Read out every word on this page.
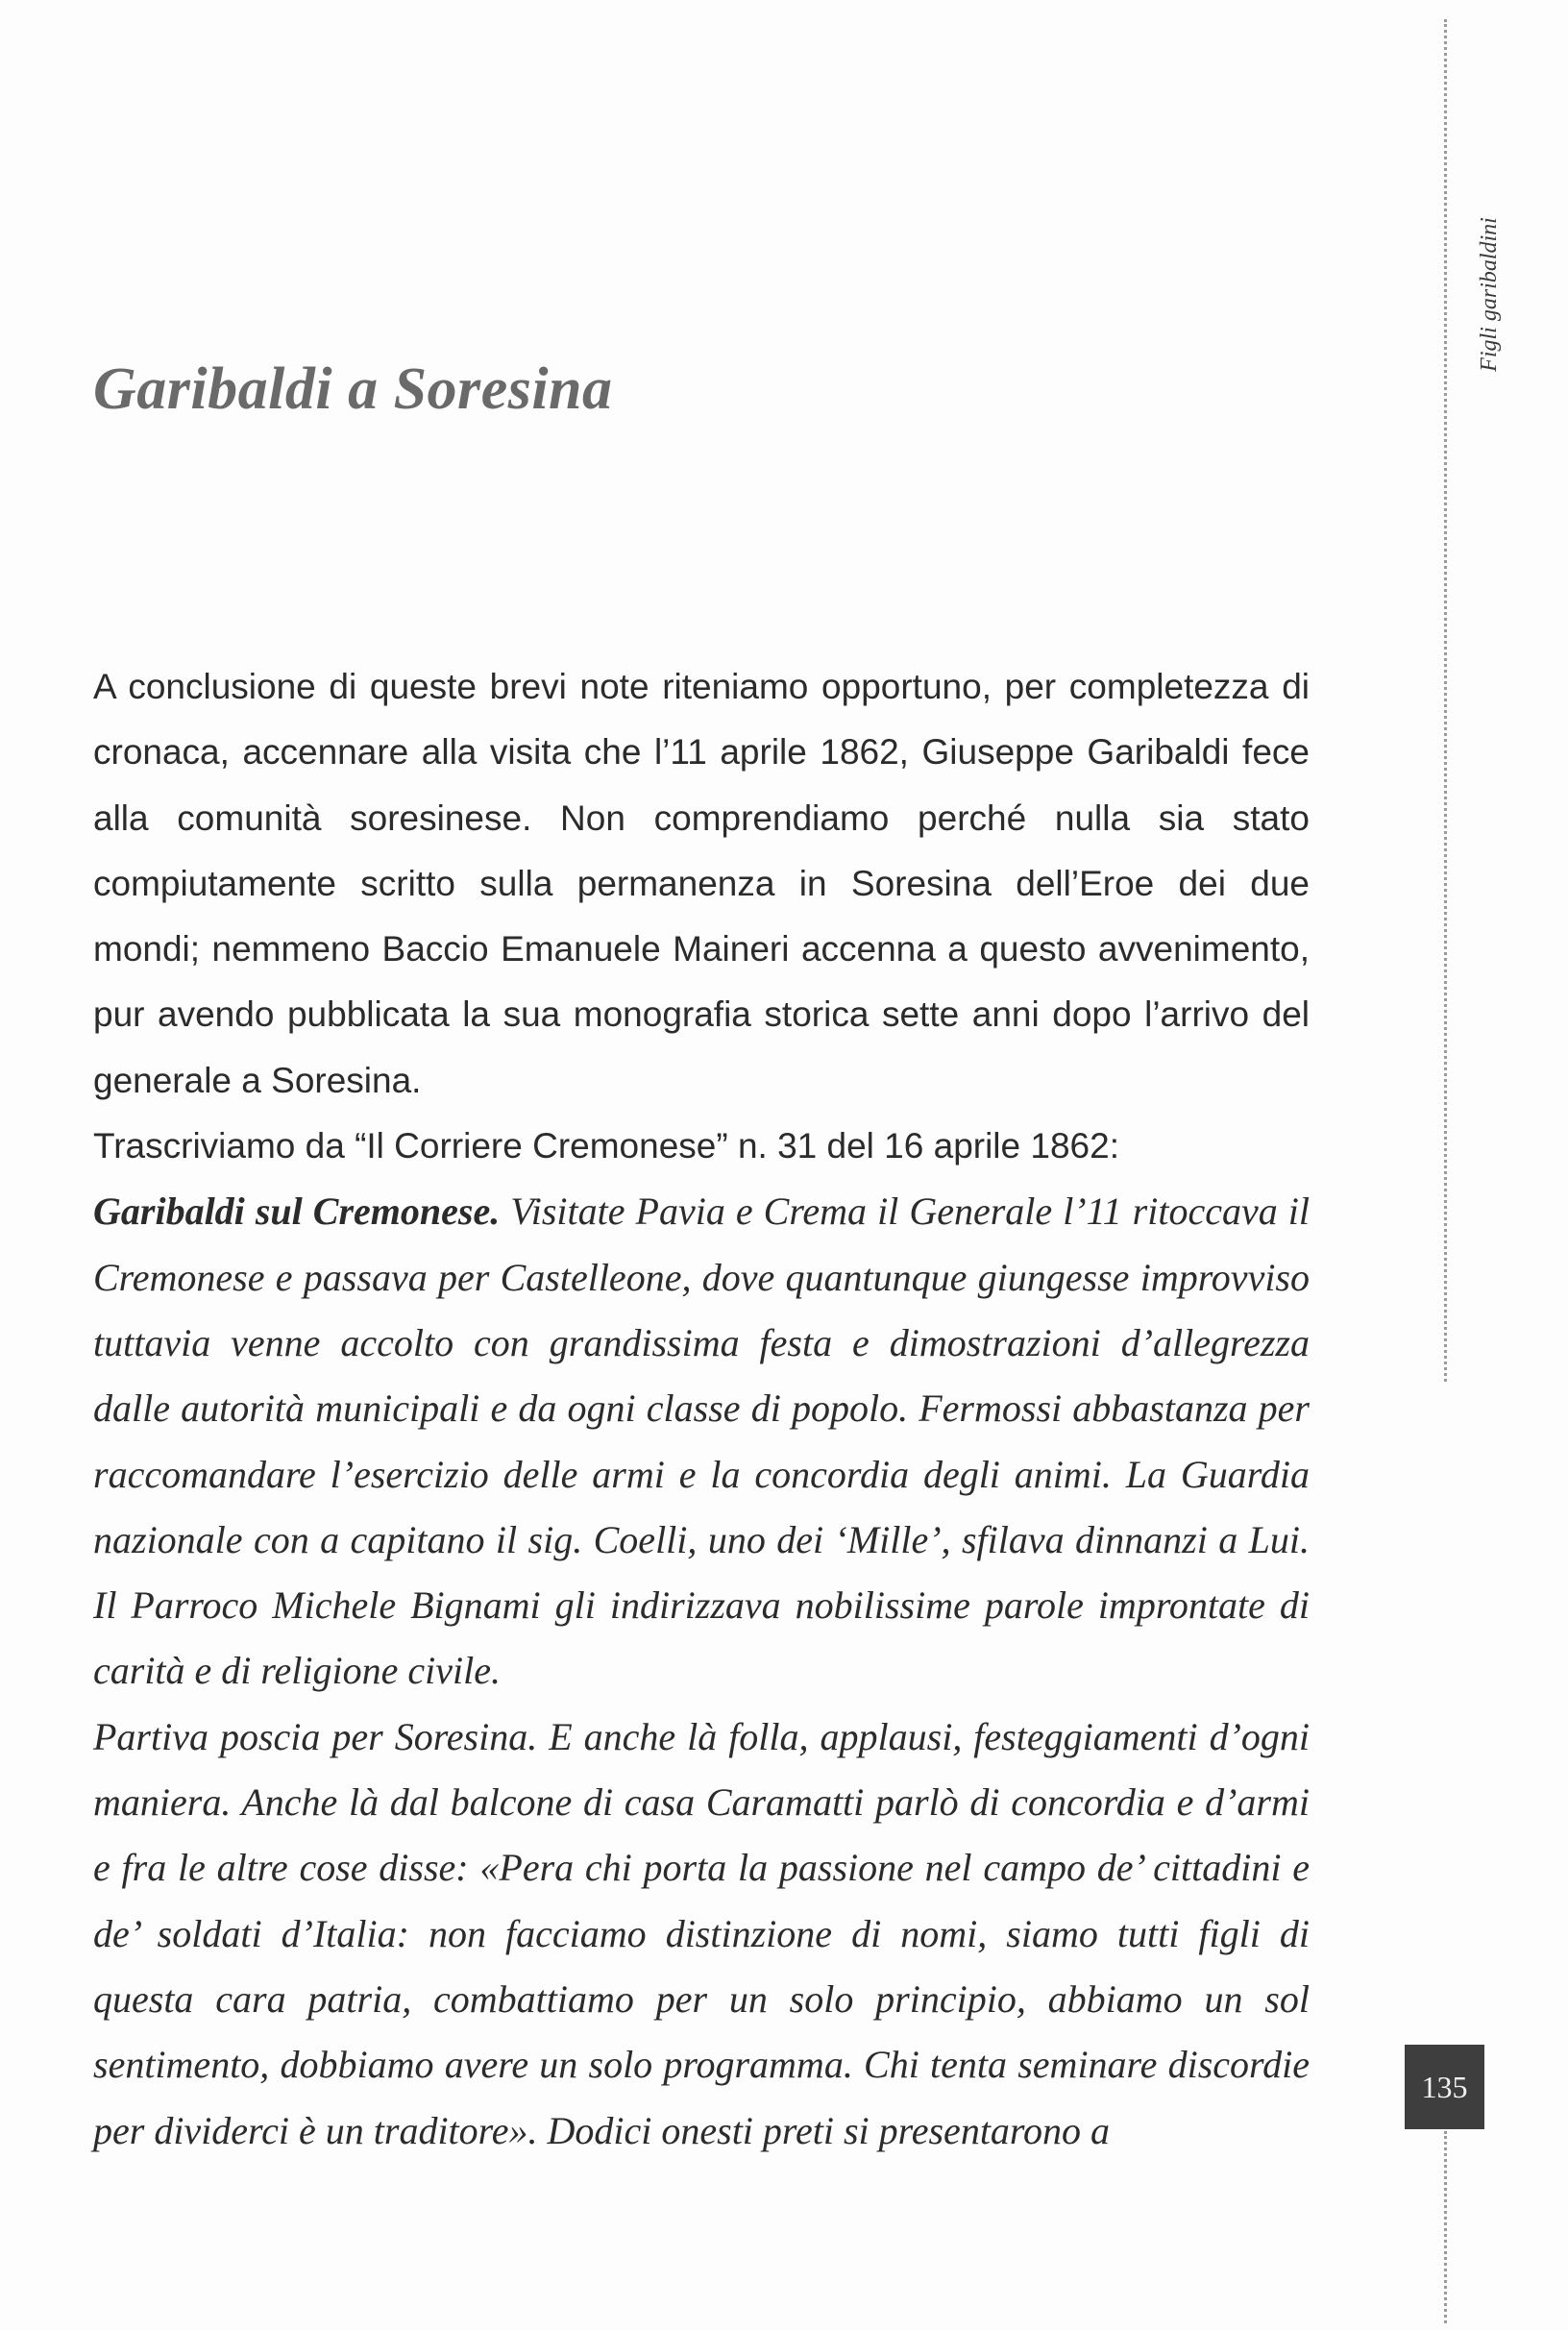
Figli garibaldini
Garibaldi a Soresina

A conclusione di queste brevi note riteniamo opportuno, per completezza di cronaca, accennare alla visita che l’11 aprile 1862, Giuseppe Garibaldi fece alla comunità soresinese. Non comprendiamo perché nulla sia stato compiutamente scritto sulla permanenza in Soresina dell’Eroe dei due mondi; nemmeno Baccio Emanuele Maineri accenna a questo avvenimento, pur avendo pubblicata la sua monografia storica sette anni dopo l’arrivo del generale a Soresina.

Trascriviamo da “Il Corriere Cremonese” n. 31 del 16 aprile 1862:

Garibaldi sul Cremonese. Visitate Pavia e Crema il Generale l’11 ritoccava il Cremonese e passava per Castelleone, dove quantunque giungesse improvviso tuttavia venne accolto con grandissima festa e dimostrazioni d’allegrezza dalle autorità municipali e da ogni classe di popolo. Fermossi abbastanza per raccomandare l’esercizio delle armi e la concordia degli animi. La Guardia nazionale con a capitano il sig. Coelli, uno dei ‘Mille’, sfilava dinnanzi a Lui. Il Parroco Michele Bignami gli indirizzava nobilissime parole improntate di carità e di religione civile.

Partiva poscia per Soresina. E anche là folla, applausi, festeggiamenti d’ogni maniera. Anche là dal balcone di casa Caramatti parlò di concordia e d’armi e fra le altre cose disse: «Pera chi porta la passione nel campo de’ cittadini e de’ soldati d’Italia: non facciamo distinzione di nomi, siamo tutti figli di questa cara patria, combattiamo per un solo principio, abbiamo un sol sentimento, dobbiamo avere un solo programma. Chi tenta seminare discordie per dividerci è un traditore». Dodici onesti preti si presentarono a

135
